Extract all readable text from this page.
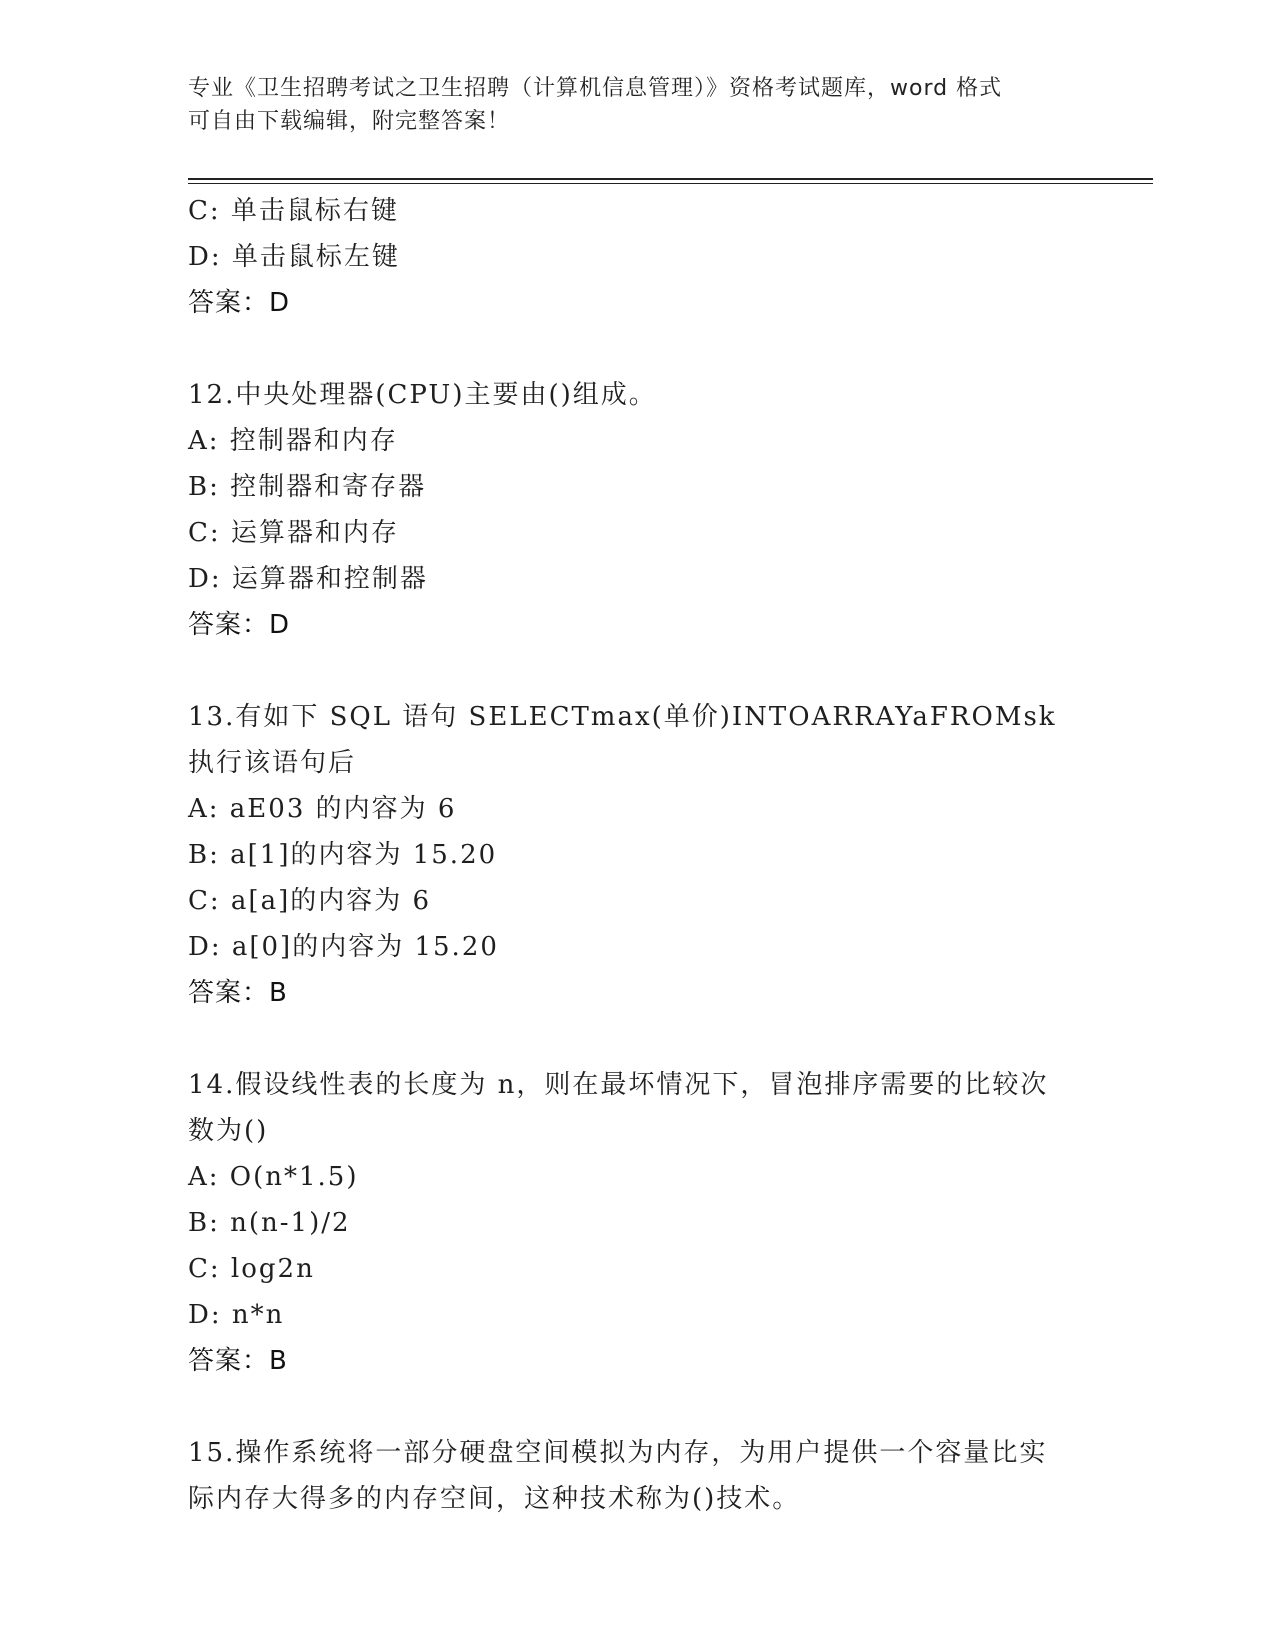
专业《卫生招聘考试之卫生招聘（计算机信息管理）》资格考试题库，word 格式
可自由下载编辑，附完整答案！
C: 单击鼠标右键
D: 单击鼠标左键
答案：D
12.中央处理器(CPU)主要由()组成。
A: 控制器和内存
B: 控制器和寄存器
C: 运算器和内存
D: 运算器和控制器
答案：D
13.有如下 SQL 语句 SELECTmax(单价)INTOARRAYaFROMsk 执行该语句后
A: aE03 的内容为 6
B: a[1]的内容为 15.20
C: a[a]的内容为 6
D: a[0]的内容为 15.20
答案：B
14.假设线性表的长度为 n，则在最坏情况下，冒泡排序需要的比较次
数为()
A: O(n*1.5)
B: n(n-1)/2
C: log2n
D: n*n
答案：B
15.操作系统将一部分硬盘空间模拟为内存，为用户提供一个容量比实
际内存大得多的内存空间，这种技术称为()技术。
